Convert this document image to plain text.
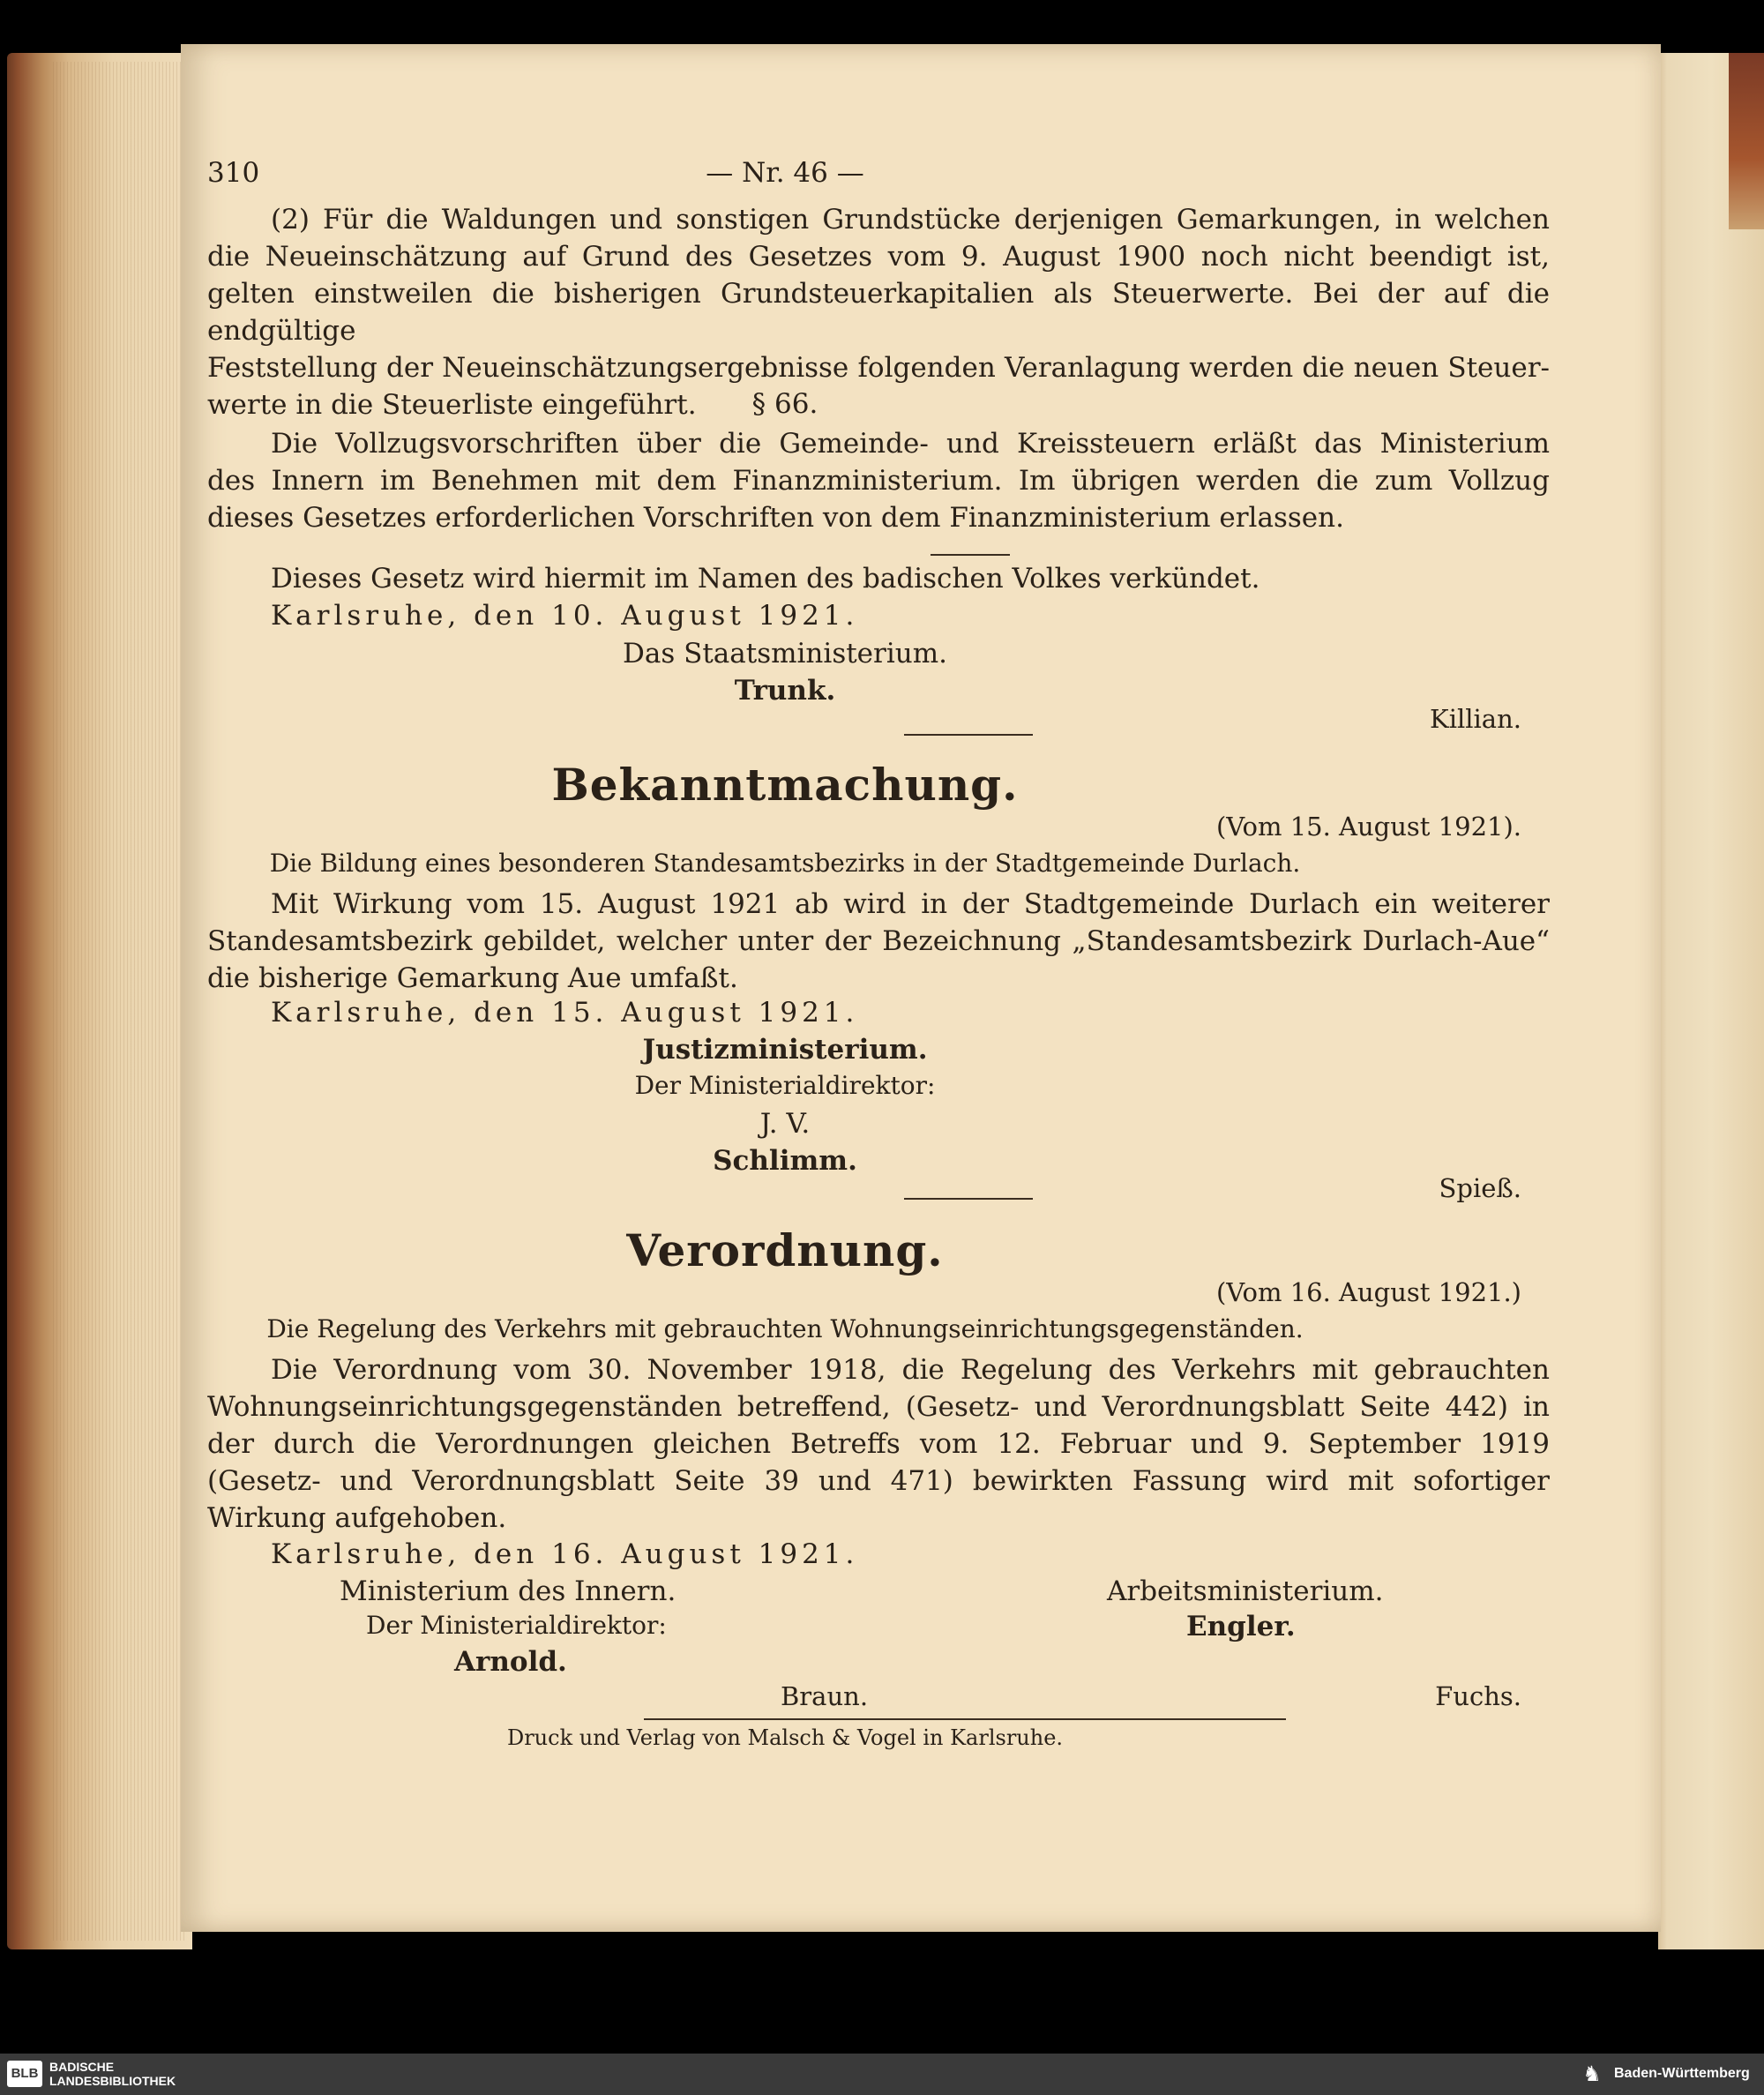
310	— Nr. 46 —
(2) Für die Waldungen und sonstigen Grundstücke derjenigen Gemarkungen, in welchen
die Neueinschätzung auf Grund des Gesetzes vom 9. August 1900 noch nicht beendigt ist,
gelten einstweilen die bisherigen Grundsteuerkapitalien als Steuerwerte. Bei der auf die endgültige
Feststellung der Neueinschätzungsergebnisse folgenden Veranlagung werden die neuen Steuer-
werte in die Steuerliste eingeführt.	§ 66.
Die Vollzugsvorschriften über die Gemeinde- und Kreissteuern erläßt das Ministerium
des Innern im Benehmen mit dem Finanzministerium. Im übrigen werden die zum Vollzug
dieses Gesetzes erforderlichen Vorschriften von dem Finanzministerium erlassen.
Dieses Gesetz wird hiermit im Namen des badischen Volkes verkündet.
Karlsruhe, den 10. August 1921.
Das Staatsministerium.
Trunk.
Killian.
Bekanntmachung.
(Vom 15. August 1921).
Die Bildung eines besonderen Standesamtsbezirks in der Stadtgemeinde Durlach.
Mit Wirkung vom 15. August 1921 ab wird in der Stadtgemeinde Durlach ein weiterer
Standesamtsbezirk gebildet, welcher unter der Bezeichnung „Standesamtsbezirk Durlach-Aue“
die bisherige Gemarkung Aue umfaßt.
Karlsruhe, den 15. August 1921.
Justizministerium.
Der Ministerialdirektor:
J. V.
Schlimm.
Spieß.
Verordnung.
(Vom 16. August 1921.)
Die Regelung des Verkehrs mit gebrauchten Wohnungseinrichtungsgegenständen.
Die Verordnung vom 30. November 1918, die Regelung des Verkehrs mit gebrauchten
Wohnungseinrichtungsgegenständen betreffend, (Gesetz- und Verordnungsblatt Seite 442) in
der durch die Verordnungen gleichen Betreffs vom 12. Februar und 9. September 1919
(Gesetz- und Verordnungsblatt Seite 39 und 471) bewirkten Fassung wird mit sofortiger
Wirkung aufgehoben.
Karlsruhe, den 16. August 1921.
Ministerium des Innern.	Arbeitsministerium.
Der Ministerialdirektor:	Engler.
Arnold.
Braun.	Fuchs.
Druck und Verlag von Malsch & Vogel in Karlsruhe.
BLB BADISCHE
LANDESBIBLIOTHEK	♞ Baden-Württemberg
